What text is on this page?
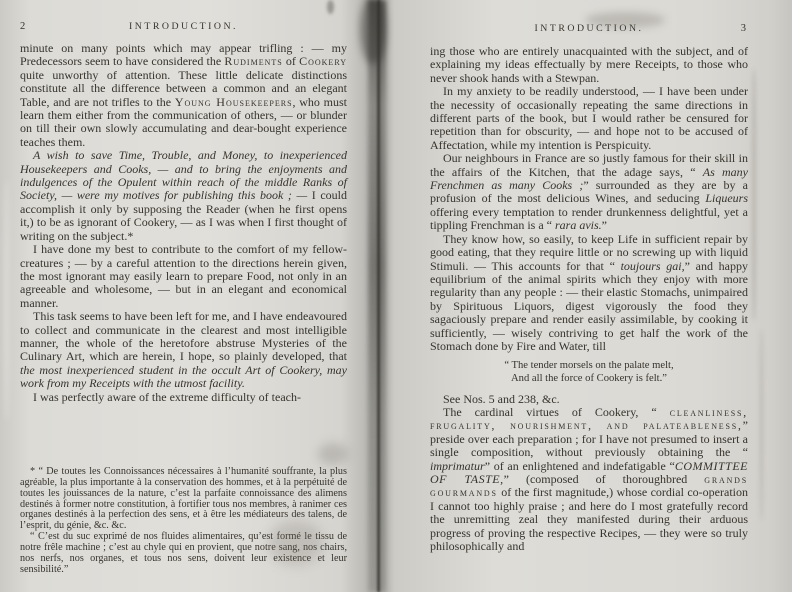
2	INTRODUCTION.
minute on many points which may appear trifling : — my Predecessors seem to have considered the Rudiments of Cookery quite unworthy of attention. These little delicate distinctions constitute all the difference between a common and an elegant Table, and are not trifles to the Young Housekeepers, who must learn them either from the communication of others, — or blunder on till their own slowly accumulating and dear-bought experience teaches them.
A wish to save Time, Trouble, and Money, to inexperienced Housekeepers and Cooks, — and to bring the enjoyments and indulgences of the Opulent within reach of the middle Ranks of Society, — were my motives for publishing this book ; — I could accomplish it only by supposing the Reader (when he first opens it,) to be as ignorant of Cookery, — as I was when I first thought of writing on the subject.*
I have done my best to contribute to the comfort of my fellow-creatures ; — by a careful attention to the directions herein given, the most ignorant may easily learn to prepare Food, not only in an agreeable and wholesome, — but in an elegant and economical manner.
This task seems to have been left for me, and I have endeavoured to collect and communicate in the clearest and most intelligible manner, the whole of the heretofore abstruse Mysteries of the Culinary Art, which are herein, I hope, so plainly developed, that the most inexperienced student in the occult Art of Cookery, may work from my Receipts with the utmost facility.
I was perfectly aware of the extreme difficulty of teach-
* “ De toutes les Connoissances nécessaires à l’humanité souffrante, la plus agréable, la plus importante à la conservation des hommes, et à la perpétuité de toutes les jouissances de la nature, c’est la parfaite connoissance des alimens destinés à former notre constitution, à fortifier tous nos membres, à ranimer ces organes destinés à la perfection des sens, et à être les médiateurs des talens, de l’esprit, du génie, &c. &c.
“ C’est du suc exprimé de nos fluides alimentaires, qu’est formé le tissu de notre frêle machine ; c’est au chyle qui en provient, que notre sang, nos chairs, nos nerfs, nos organes, et tous nos sens, doivent leur existence et leur sensibilité.”
INTRODUCTION.	3
ing those who are entirely unacquainted with the subject, and of explaining my ideas effectually by mere Receipts, to those who never shook hands with a Stewpan.
In my anxiety to be readily understood, — I have been under the necessity of occasionally repeating the same directions in different parts of the book, but I would rather be censured for repetition than for obscurity, — and hope not to be accused of Affectation, while my intention is Perspicuity.
Our neighbours in France are so justly famous for their skill in the affairs of the Kitchen, that the adage says, “ As many Frenchmen as many Cooks ;” surrounded as they are by a profusion of the most delicious Wines, and seducing Liqueurs offering every temptation to render drunkenness delightful, yet a tippling Frenchman is a “ rara avis.”
They know how, so easily, to keep Life in sufficient repair by good eating, that they require little or no screwing up with liquid Stimuli. — This accounts for that “ toujours gai,” and happy equilibrium of the animal spirits which they enjoy with more regularity than any people : — their elastic Stomachs, unimpaired by Spirituous Liquors, digest vigorously the food they sagaciously prepare and render easily assimilable, by cooking it sufficiently, — wisely contriving to get half the work of the Stomach done by Fire and Water, till
“ The tender morsels on the palate melt,
And all the force of Cookery is felt.”
See Nos. 5 and 238, &c.
The cardinal virtues of Cookery, “ cleanliness, frugality, nourishment, and palateableness,” preside over each preparation ; for I have not presumed to insert a single composition, without previously obtaining the “ imprimatur” of an enlightened and indefatigable “COMMITTEE OF TASTE,” (composed of thoroughbred grands gourmands of the first magnitude,) whose cordial co-operation I cannot too highly praise ; and here do I most gratefully record the unremitting zeal they manifested during their arduous progress of proving the respective Recipes, — they were so truly philosophically and
